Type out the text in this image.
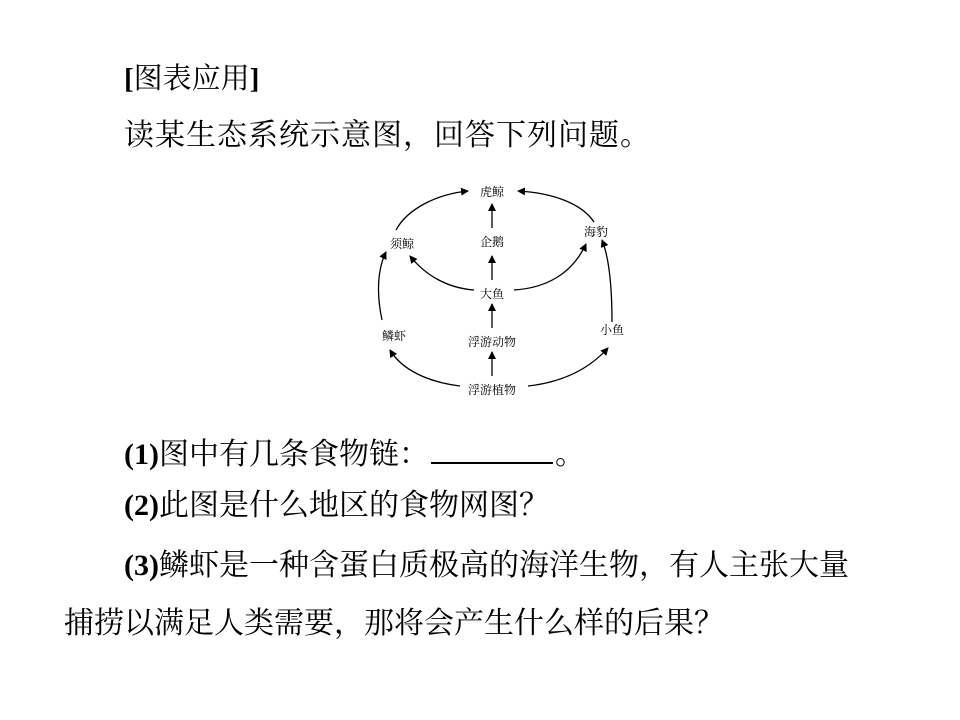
[图表应用]
读某生态系统示意图，回答下列问题。
虎鲸
须鲸	企鹅
海豹
大鱼
鳞虾	浮游动物
小鱼
浮游植物
(1)图中有几条食物链：	。
(2)此图是什么地区的食物网图？
(3)鳞虾是一种含蛋白质极高的海洋生物，有人主张大量
捕捞以满足人类需要，那将会产生什么样的后果？
